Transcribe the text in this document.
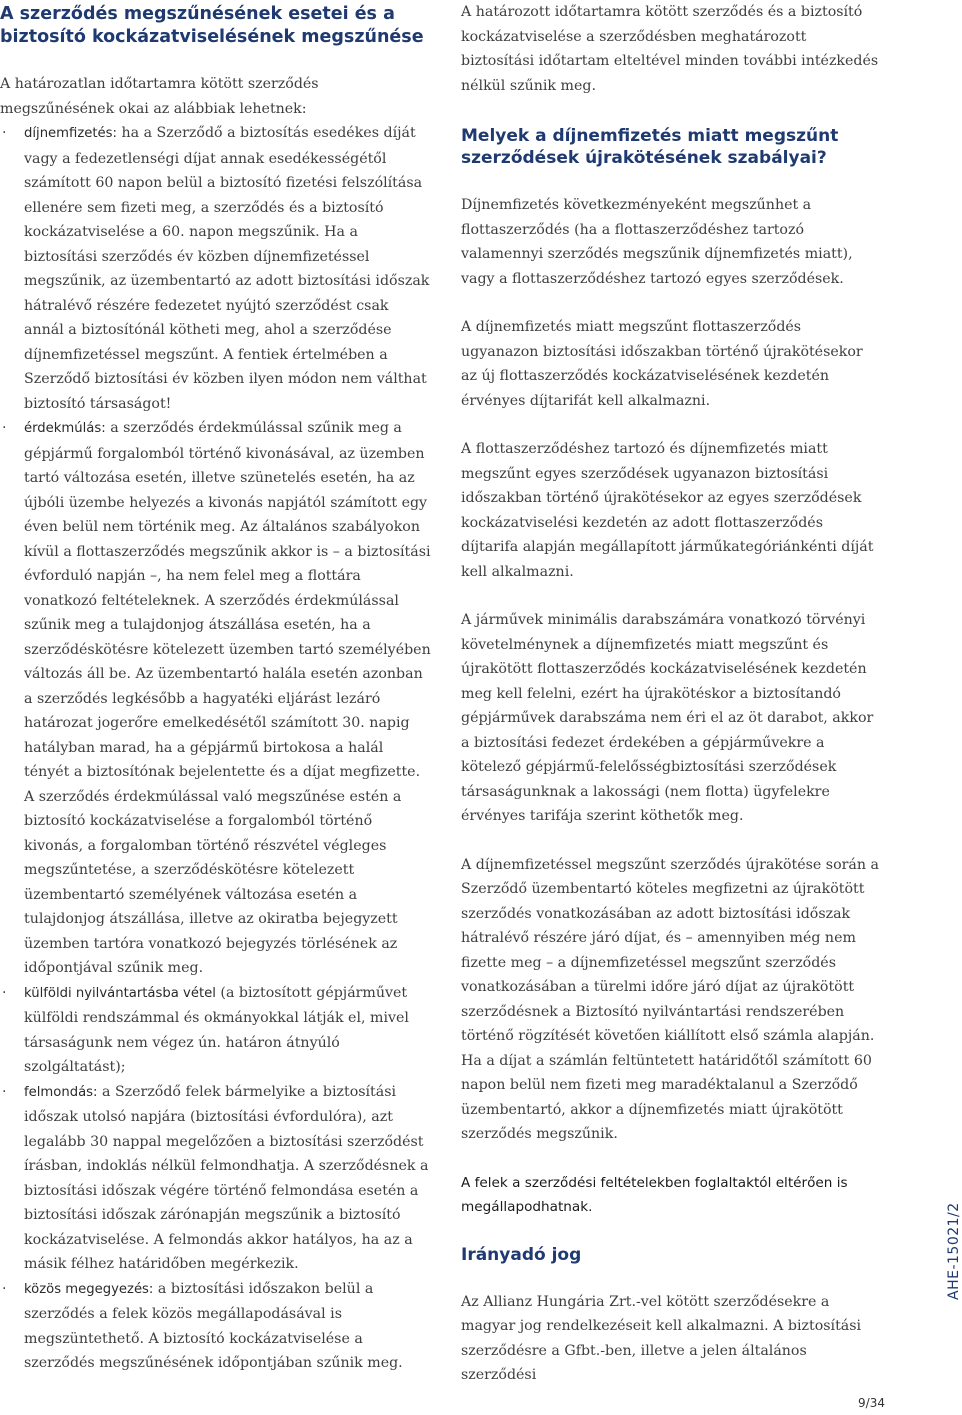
A szerződés megszűnésének esetei és a biztosító kockázatviselésének megszűnése

A határozatlan időtartamra kötött szerződés megszűnésének okai az alábbiak lehetnek:

· díjnemfizetés: ha a Szerződő a biztosítás esedékes díját vagy a fedezetlenségi díjat annak esedékességétől számított 60 napon belül a biztosító fizetési felszólítása ellenére sem fizeti meg, a szerződés és a biztosító kockázatviselése a 60. napon megszűnik. Ha a biztosítási szerződés év közben díjnemfizetéssel megszűnik, az üzembentartó az adott biztosítási időszak hátralévő részére fedezetet nyújtó szerződést csak annál a biztosítónál kötheti meg, ahol a szerződése díjnemfizetéssel megszűnt. A fentiek értelmében a Szerződő biztosítási év közben ilyen módon nem válthat biztosító társaságot!

· érdekmúlás: a szerződés érdekmúlással szűnik meg a gépjármű forgalomból történő kivonásával, az üzemben tartó változása esetén, illetve szünetelés esetén, ha az újbóli üzembe helyezés a kivonás napjától számított egy éven belül nem történik meg. Az általános szabályokon kívül a flottaszerződés megszűnik akkor is – a biztosítási évforduló napján –, ha nem felel meg a flottára vonatkozó feltételeknek. A szerződés érdekmúlással szűnik meg a tulajdonjog átszállása esetén, ha a szerződéskötésre kötelezett üzemben tartó személyében változás áll be. Az üzembentartó halála esetén azonban a szerződés legkésőbb a hagyatéki eljárást lezáró határozat jogerőre emelkedésétől számított 30. napig hatályban marad, ha a gépjármű birtokosa a halál tényét a biztosítónak bejelentette és a díjat megfizette. A szerződés érdekmúlással való megszűnése estén a biztosító kockázatviselése a forgalomból történő kivonás, a forgalomban történő részvétel végleges megszűntetése, a szerződéskötésre kötelezett üzembentartó személyének változása esetén a tulajdonjog átszállása, illetve az okiratba bejegyzett üzemben tartóra vonatkozó bejegyzés törlésének az időpontjával szűnik meg.

· külföldi nyilvántartásba vétel (a biztosított gépjárművet külföldi rendszámmal és okmányokkal látják el, mivel társaságunk nem végez ún. határon átnyúló szolgáltatást);

· felmondás: a Szerződő felek bármelyike a biztosítási időszak utolsó napjára (biztosítási évfordulóra), azt legalább 30 nappal megelőzően a biztosítási szerződést írásban, indoklás nélkül felmondhatja. A szerződésnek a biztosítási időszak végére történő felmondása esetén a biztosítási időszak zárónapján megszűnik a biztosító kockázatviselése. A felmondás akkor hatályos, ha az a másik félhez határidőben megérkezik.

· közös megegyezés: a biztosítási időszakon belül a szerződés a felek közös megállapodásával is megszüntethető. A biztosító kockázatviselése a szerződés megszűnésének időpontjában szűnik meg.

A határozott időtartamra kötött szerződés és a biztosító kockázatviselése a szerződésben meghatározott biztosítási időtartam elteltével minden további intézkedés nélkül szűnik meg.

Melyek a díjnemfizetés miatt megszűnt szerződések újrakötésének szabályai?

Díjnemfizetés következményeként megszűnhet a flottaszerződés (ha a flottaszerződéshez tartozó valamennyi szerződés megszűnik díjnemfizetés miatt), vagy a flottaszerződéshez tartozó egyes szerződések.

A díjnemfizetés miatt megszűnt flottaszerződés ugyanazon biztosítási időszakban történő újrakötésekor az új flottaszerződés kockázatviselésének kezdetén érvényes díjtarifát kell alkalmazni.

A flottaszerződéshez tartozó és díjnemfizetés miatt megszűnt egyes szerződések ugyanazon biztosítási időszakban történő újrakötésekor az egyes szerződések kockázatviselési kezdetén az adott flottaszerződés díjtarifa alapján megállapított járműkategóriánkénti díját kell alkalmazni.

A járművek minimális darabszámára vonatkozó törvényi követelménynek a díjnemfizetés miatt megszűnt és újrakötött flottaszerződés kockázatviselésének kezdetén meg kell felelni, ezért ha újrakötéskor a biztosítandó gépjárművek darabszáma nem éri el az öt darabot, akkor a biztosítási fedezet érdekében a gépjárművekre a kötelező gépjármű-felelősségbiztosítási szerződések társaságunknak a lakossági (nem flotta) ügyfelekre érvényes tarifája szerint köthetők meg.

A díjnemfizetéssel megszűnt szerződés újrakötése során a Szerződő üzembentartó köteles megfizetni az újrakötött szerződés vonatkozásában az adott biztosítási időszak hátralévő részére járó díjat, és – amennyiben még nem fizette meg – a díjnemfizetéssel megszűnt szerződés vonatkozásában a türelmi időre járó díjat az újrakötött szerződésnek a Biztosító nyilvántartási rendszerében történő rögzítését követően kiállított első számla alapján. Ha a díjat a számlán feltüntetett határidőtől számított 60 napon belül nem fizeti meg maradéktalanul a Szerződő üzembentartó, akkor a díjnemfizetés miatt újrakötött szerződés megszűnik.

A felek a szerződési feltételekben foglaltaktól eltérően is megállapodhatnak.

Irányadó jog

Az Allianz Hungária Zrt.-vel kötött szerződésekre a magyar jog rendelkezéseit kell alkalmazni. A biztosítási szerződésre a Gfbt.-ben, illetve a jelen általános szerződési

AHE-15021/2
9/34
